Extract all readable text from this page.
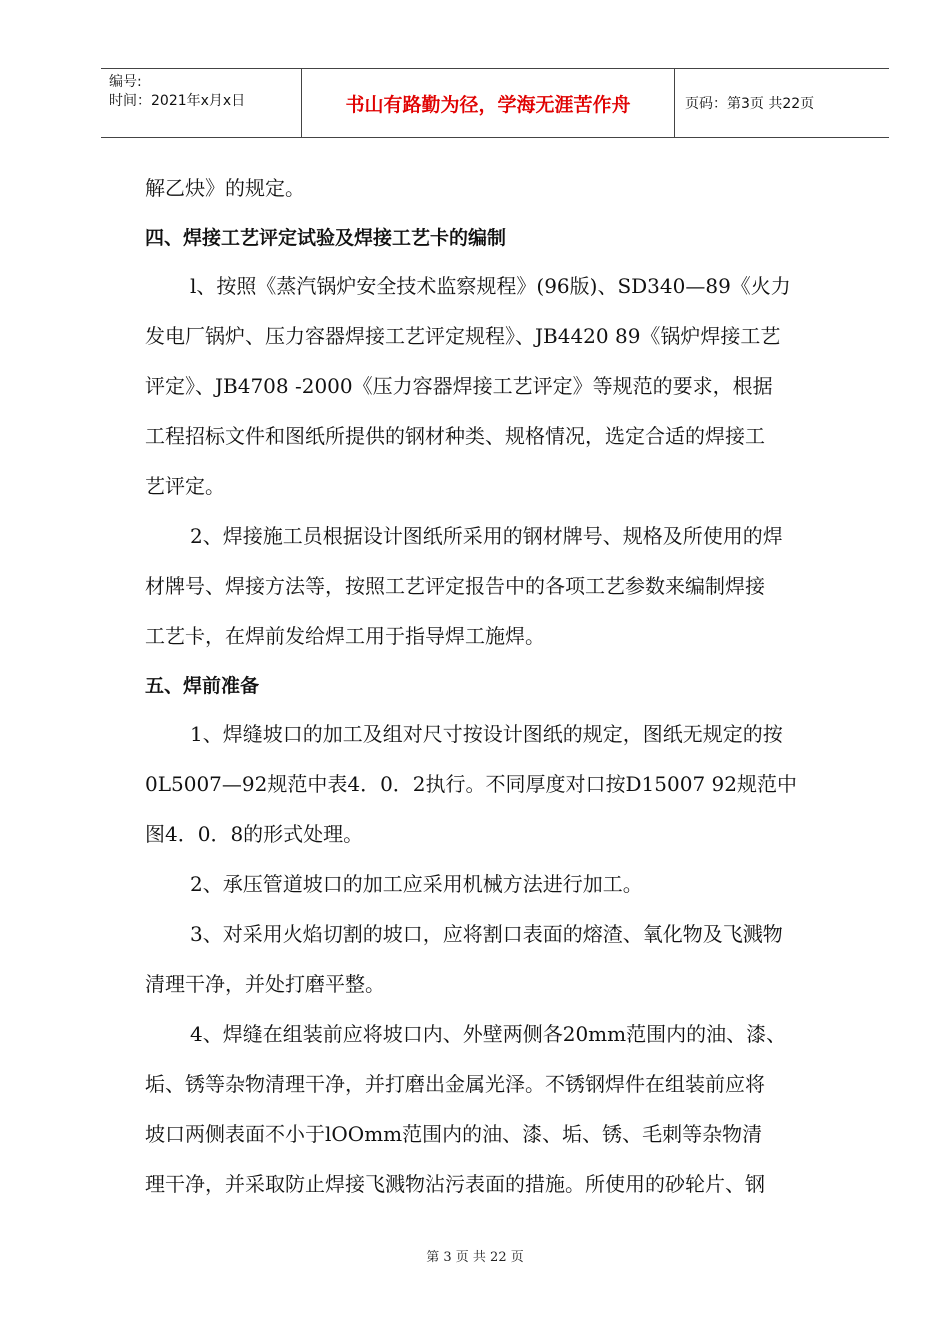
编号:
时间：2021年x月x日	书山有路勤为径，学海无涯苦作舟	页码：第3页 共22页
解乙炔》的规定。
四、焊接工艺评定试验及焊接工艺卡的编制
l、按照《蒸汽锅炉安全技术监察规程》(96版)、SD340—89《火力
发电厂锅炉、压力容器焊接工艺评定规程》、JB4420 89《锅炉焊接工艺
评定》、JB4708 -2000《压力容器焊接工艺评定》等规范的要求，根据
工程招标文件和图纸所提供的钢材种类、规格情况，选定合适的焊接工
艺评定。
2、焊接施工员根据设计图纸所采用的钢材牌号、规格及所使用的焊
材牌号、焊接方法等，按照工艺评定报告中的各项工艺参数来编制焊接
工艺卡，在焊前发给焊工用于指导焊工施焊。
五、焊前准备
1、焊缝坡口的加工及组对尺寸按设计图纸的规定，图纸无规定的按
0L5007—92规范中表4．0．2执行。不同厚度对口按D15007 92规范中
图4．0．8的形式处理。
2、承压管道坡口的加工应采用机械方法进行加工。
3、对采用火焰切割的坡口，应将割口表面的熔渣、氧化物及飞溅物
清理干净，并处打磨平整。
4、焊缝在组装前应将坡口内、外壁两侧各20mm范围内的油、漆、
垢、锈等杂物清理干净，并打磨出金属光泽。不锈钢焊件在组装前应将
坡口两侧表面不小于lOOmm范围内的油、漆、垢、锈、毛刺等杂物清
理干净，并采取防止焊接飞溅物沾污表面的措施。所使用的砂轮片、钢
第 3 页 共 22 页
